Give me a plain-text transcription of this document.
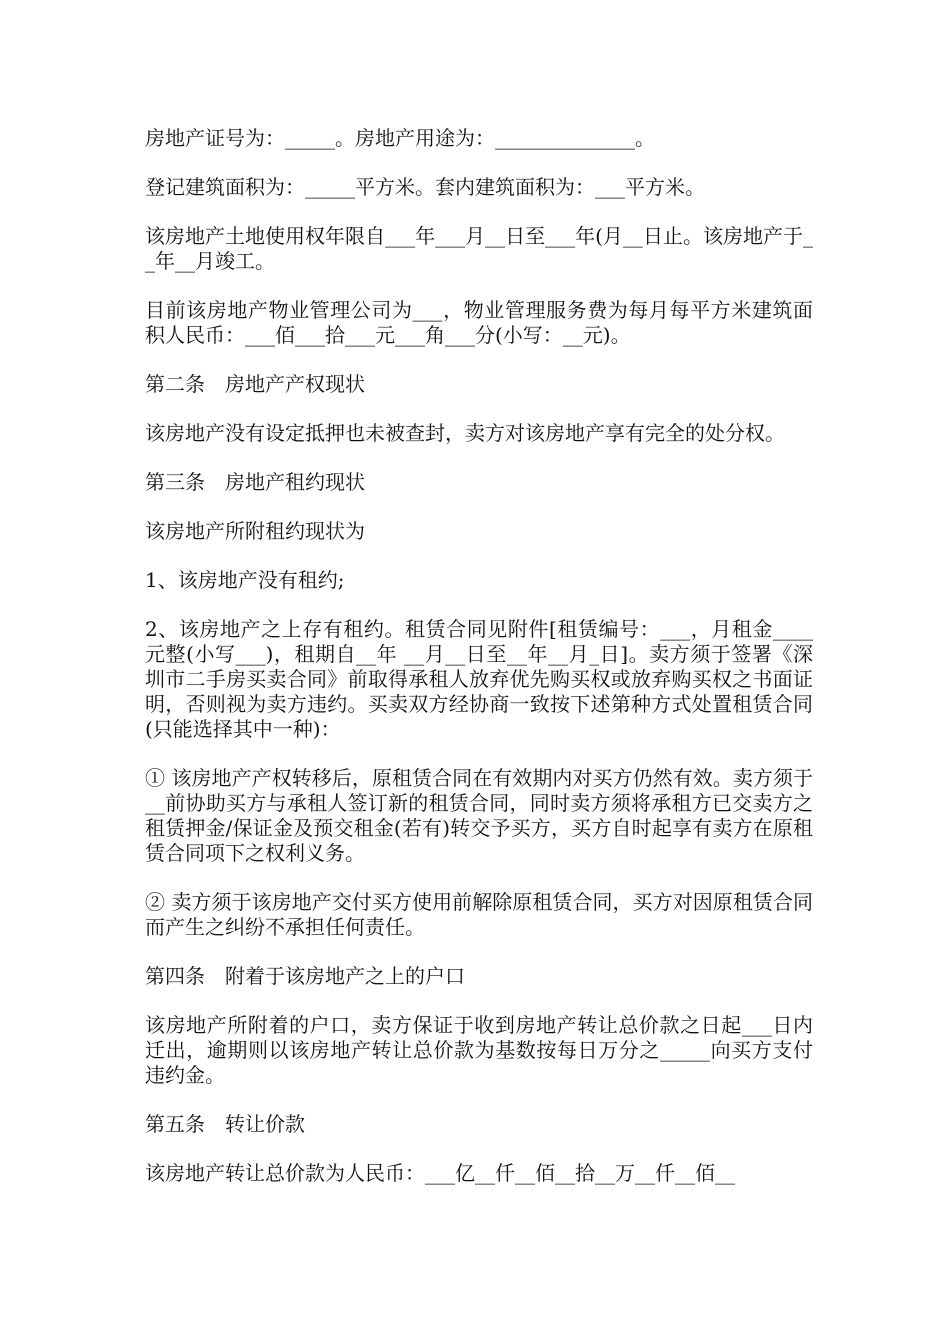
房地产证号为：_____。房地产用途为：______________。

登记建筑面积为：_____平方米。套内建筑面积为：___平方米。

该房地产土地使用权年限自___年___月__日至___年(月__日止。该房地产于__年__月竣工。

目前该房地产物业管理公司为___，物业管理服务费为每月每平方米建筑面积人民币：___佰___拾___元___角___分(小写：__元)。

第二条　房地产产权现状

该房地产没有设定抵押也未被查封，卖方对该房地产享有完全的处分权。

第三条　房地产租约现状

该房地产所附租约现状为

1、该房地产没有租约;

2、该房地产之上存有租约。租赁合同见附件[租赁编号：___，月租金____元整(小写___)，租期自__年 __月__日至__年__月_日]。卖方须于签署《深圳市二手房买卖合同》前取得承租人放弃优先购买权或放弃购买权之书面证明，否则视为卖方违约。买卖双方经协商一致按下述第种方式处置租赁合同(只能选择其中一种)：

① 该房地产产权转移后，原租赁合同在有效期内对买方仍然有效。卖方须于__前协助买方与承租人签订新的租赁合同，同时卖方须将承租方已交卖方之租赁押金/保证金及预交租金(若有)转交予买方，买方自时起享有卖方在原租赁合同项下之权利义务。

② 卖方须于该房地产交付买方使用前解除原租赁合同，买方对因原租赁合同而产生之纠纷不承担任何责任。

第四条　附着于该房地产之上的户口

该房地产所附着的户口，卖方保证于收到房地产转让总价款之日起___日内迁出，逾期则以该房地产转让总价款为基数按每日万分之_____向买方支付违约金。

第五条　转让价款

该房地产转让总价款为人民币：___亿__仟__佰__拾__万__仟__佰__
